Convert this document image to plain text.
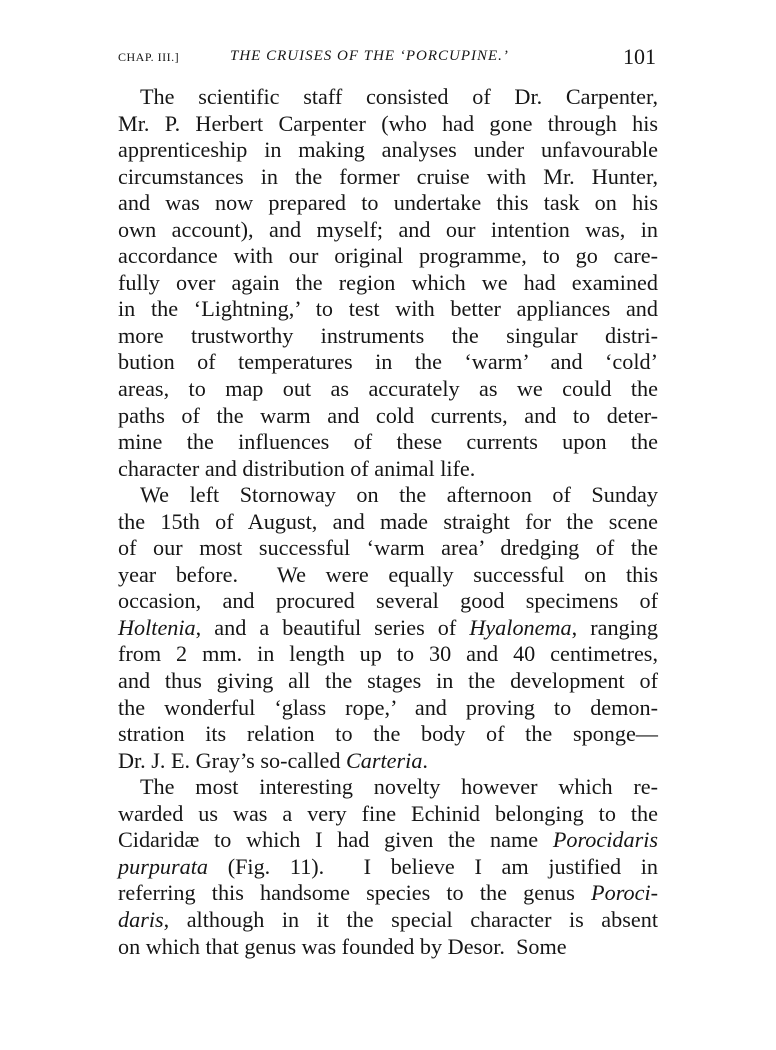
CHAP. III.]	THE CRUISES OF THE ‘PORCUPINE.’	101
The scientific staff consisted of Dr. Carpenter,
Mr. P. Herbert Carpenter (who had gone through his
apprenticeship in making analyses under unfavourable
circumstances in the former cruise with Mr. Hunter,
and was now prepared to undertake this task on his
own account), and myself; and our intention was, in
accordance with our original programme, to go care-
fully over again the region which we had examined
in the ‘Lightning,’ to test with better appliances and
more trustworthy instruments the singular distri-
bution of temperatures in the ‘warm’ and ‘cold’
areas, to map out as accurately as we could the
paths of the warm and cold currents, and to deter-
mine the influences of these currents upon the
character and distribution of animal life.
We left Stornoway on the afternoon of Sunday
the 15th of August, and made straight for the scene
of our most successful ‘warm area’ dredging of the
year before.  We were equally successful on this
occasion, and procured several good specimens of
Holtenia, and a beautiful series of Hyalonema, ranging
from 2 mm. in length up to 30 and 40 centimetres,
and thus giving all the stages in the development of
the wonderful ‘glass rope,’ and proving to demon-
stration its relation to the body of the sponge—
Dr. J. E. Gray’s so-called Carteria.
The most interesting novelty however which re-
warded us was a very fine Echinid belonging to the
Cidaridæ to which I had given the name Porocidaris
purpurata (Fig. 11).  I believe I am justified in
referring this handsome species to the genus Poroci-
daris, although in it the special character is absent
on which that genus was founded by Desor.  Some
